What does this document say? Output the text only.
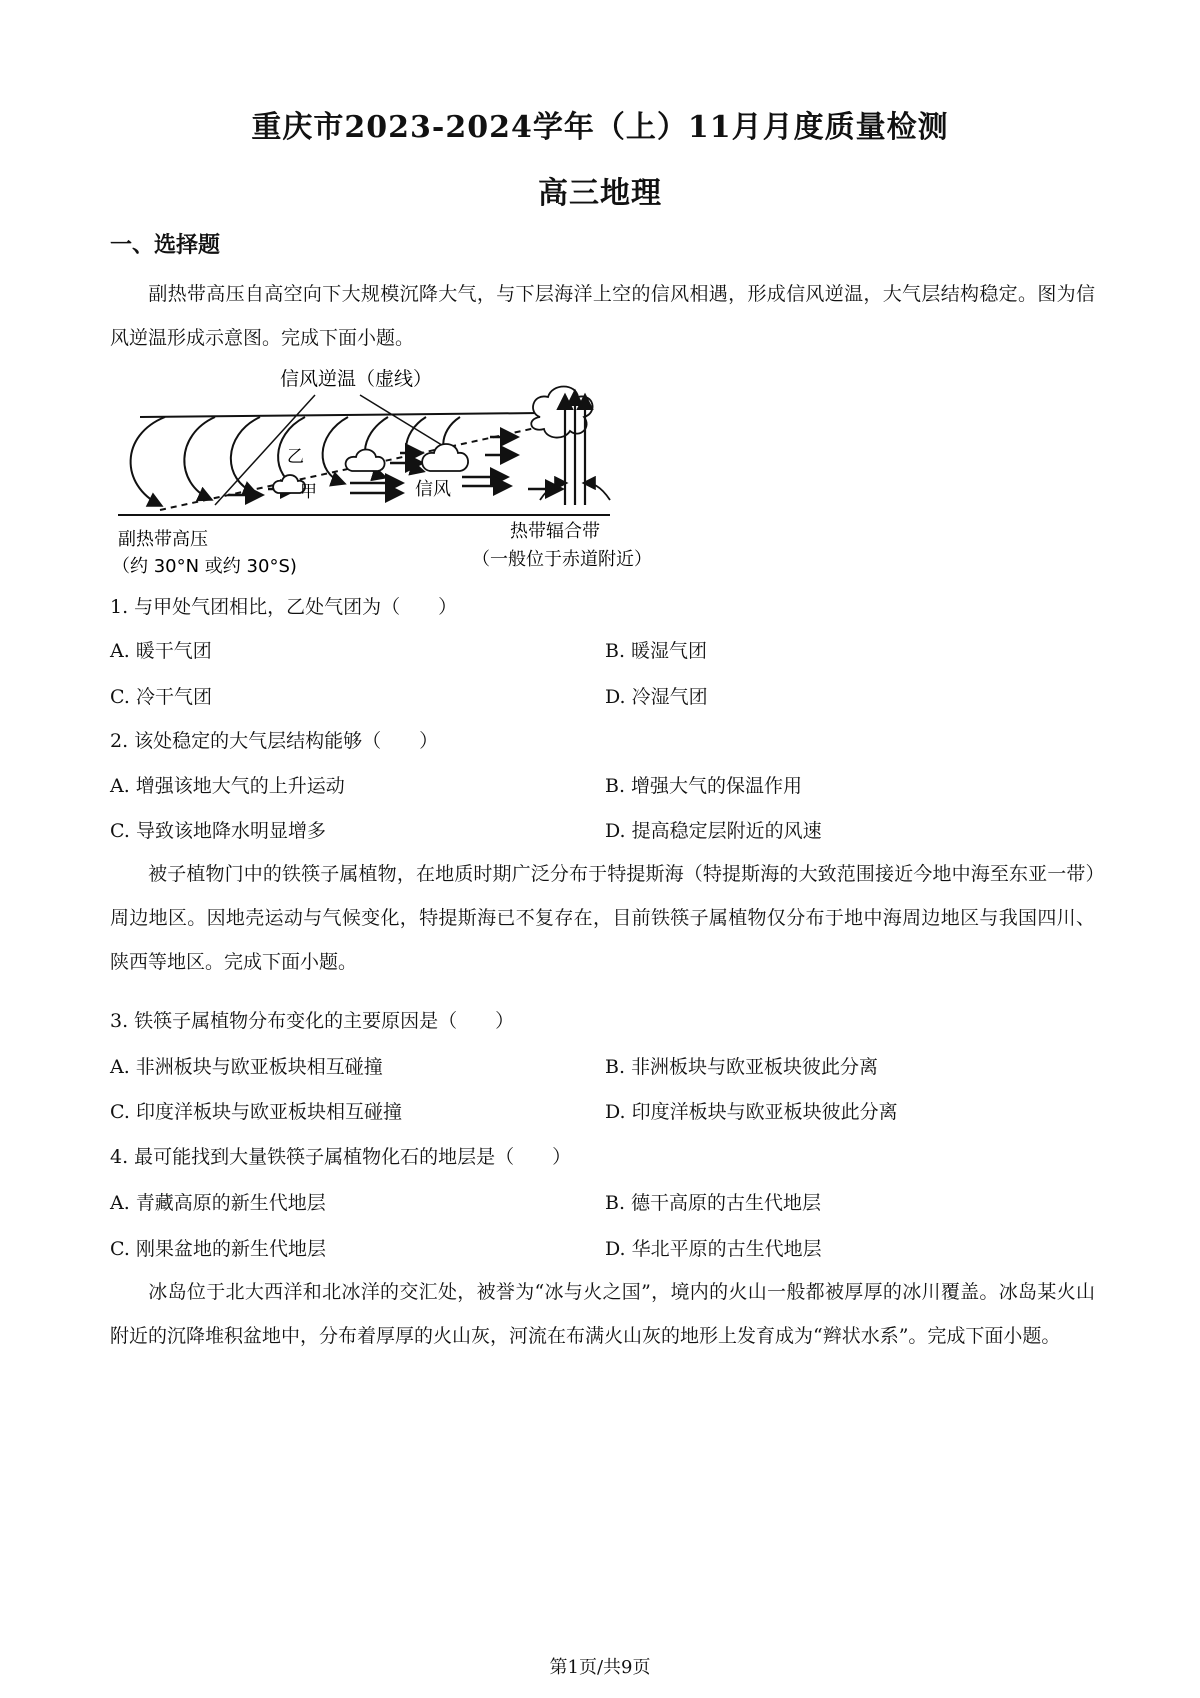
重庆市2023-2024学年（上）11月月度质量检测
高三地理
一、选择题

副热带高压自高空向下大规模沉降大气，与下层海洋上空的信风相遇，形成信风逆温，大气层结构稳定。图为信风逆温形成示意图。完成下面小题。

信风逆温（虚线）
乙
甲	信风
副热带高压
（约 30°N 或约 30°S)
热带辐合带
（一般位于赤道附近）
1. 与甲处气团相比，乙处气团为（　　）
A. 暖干气团	B. 暖湿气团
C. 冷干气团	D. 冷湿气团
2. 该处稳定的大气层结构能够（　　）
A. 增强该地大气的上升运动	B. 增强大气的保温作用
C. 导致该地降水明显增多	D. 提高稳定层附近的风速

被子植物门中的铁筷子属植物，在地质时期广泛分布于特提斯海（特提斯海的大致范围接近今地中海至东亚一带）周边地区。因地壳运动与气候变化，特提斯海已不复存在，目前铁筷子属植物仅分布于地中海周边地区与我国四川、陕西等地区。完成下面小题。

3. 铁筷子属植物分布变化的主要原因是（　　）
A. 非洲板块与欧亚板块相互碰撞	B. 非洲板块与欧亚板块彼此分离
C. 印度洋板块与欧亚板块相互碰撞	D. 印度洋板块与欧亚板块彼此分离
4. 最可能找到大量铁筷子属植物化石的地层是（　　）
A. 青藏高原的新生代地层	B. 德干高原的古生代地层
C. 刚果盆地的新生代地层	D. 华北平原的古生代地层

冰岛位于北大西洋和北冰洋的交汇处，被誉为“冰与火之国”，境内的火山一般都被厚厚的冰川覆盖。冰岛某火山附近的沉降堆积盆地中，分布着厚厚的火山灰，河流在布满火山灰的地形上发育成为“辫状水系”。完成下面小题。

第1页/共9页
